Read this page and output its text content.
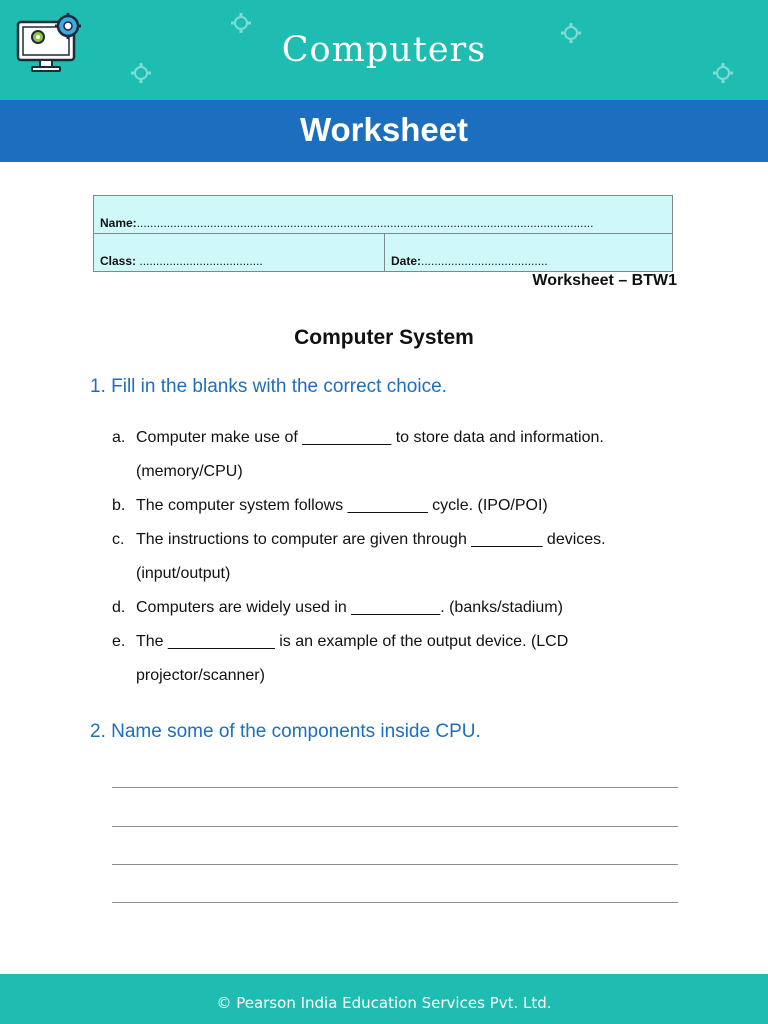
Computers
Worksheet
Name:.........................................................................................................................................
Class: .....................................	Date:......................................
Worksheet – BTW1
Computer System
1. Fill in the blanks with the correct choice.
a. Computer make use of __________ to store data and information. (memory/CPU)
b. The computer system follows _________ cycle. (IPO/POI)
c. The instructions to computer are given through ________ devices. (input/output)
d. Computers are widely used in __________. (banks/stadium)
e. The ____________ is an example of the output device. (LCD projector/scanner)
2. Name some of the components inside CPU.
© Pearson India Education Services Pvt. Ltd.
